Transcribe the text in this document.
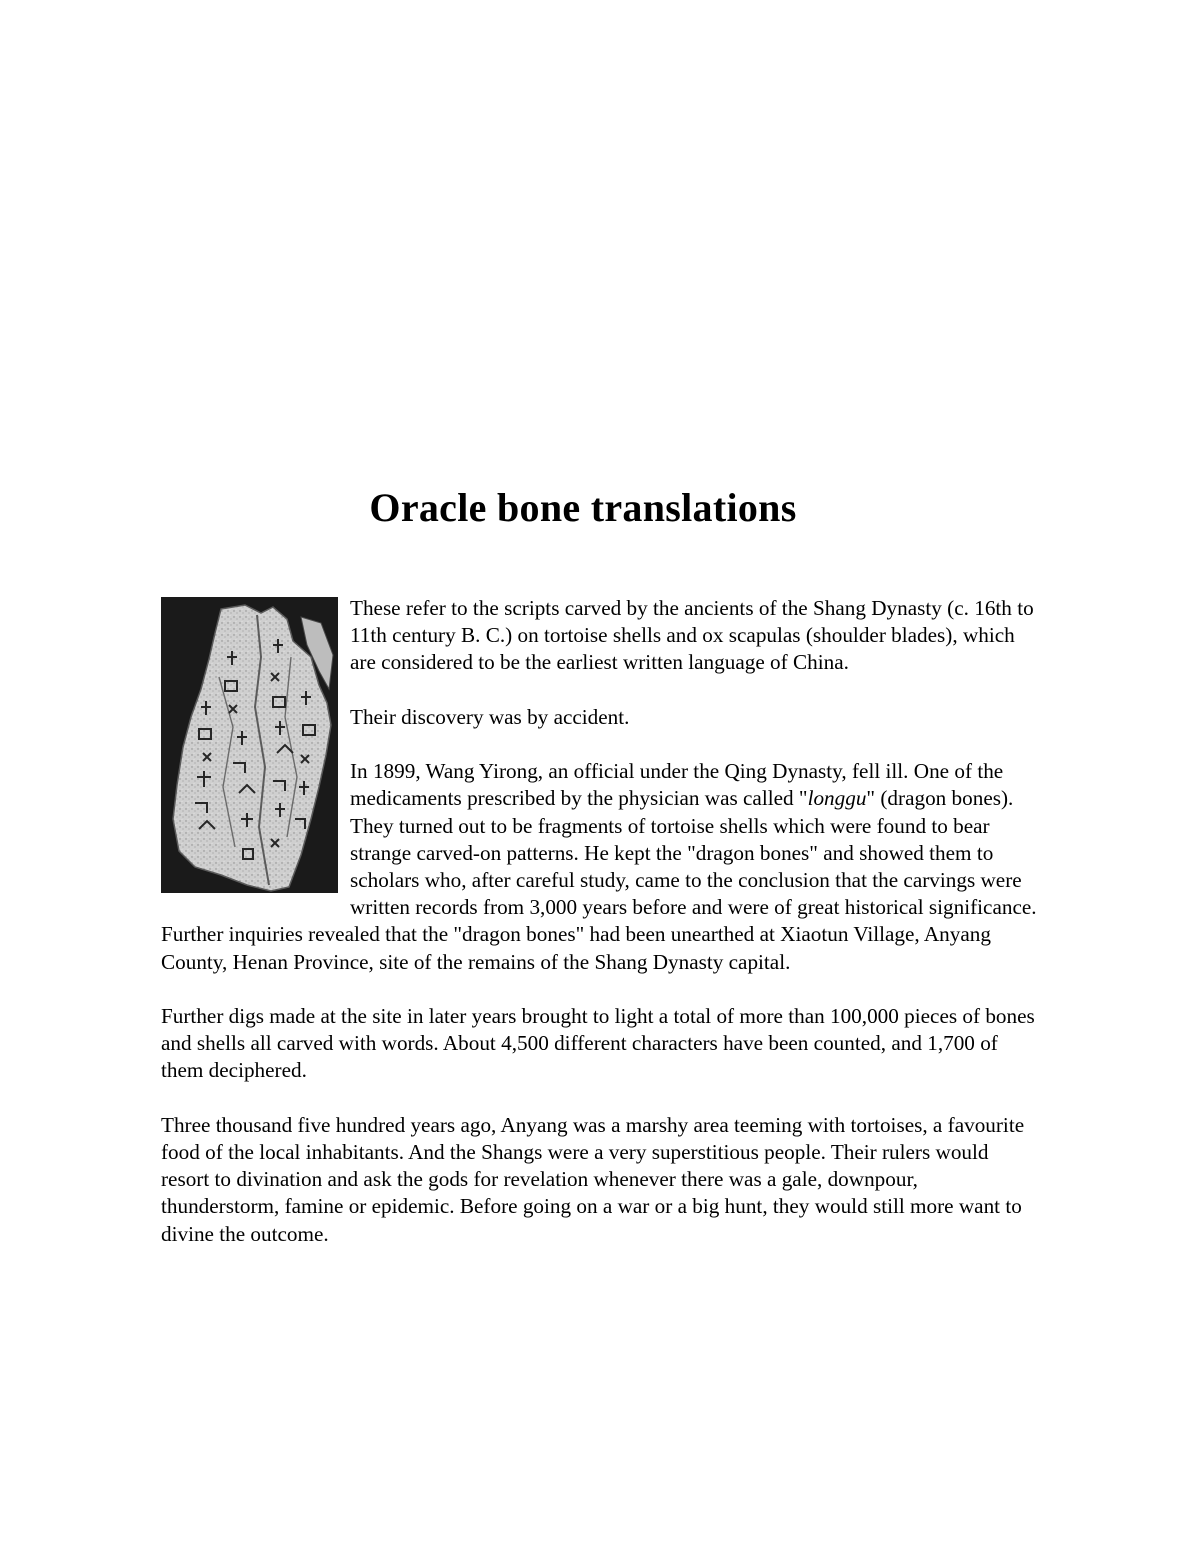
Oracle bone translations

These refer to the scripts carved by the ancients of the Shang Dynasty (c. 16th to 11th century B. C.) on tortoise shells and ox scapulas (shoulder blades), which are considered to be the earliest written language of China.

Their discovery was by accident.

In 1899, Wang Yirong, an official under the Qing Dynasty, fell ill. One of the medicaments prescribed by the physician was called "longgu" (dragon bones). They turned out to be fragments of tortoise shells which were found to bear strange carved-on patterns. He kept the "dragon bones" and showed them to scholars who, after careful study, came to the conclusion that the carvings were written records from 3,000 years before and were of great historical significance. Further inquiries revealed that the "dragon bones" had been unearthed at Xiaotun Village, Anyang County, Henan Province, site of the remains of the Shang Dynasty capital.

Further digs made at the site in later years brought to light a total of more than 100,000 pieces of bones and shells all carved with words. About 4,500 different characters have been counted, and 1,700 of them deciphered.

Three thousand five hundred years ago, Anyang was a marshy area teeming with tortoises, a favourite food of the local inhabitants. And the Shangs were a very superstitious people. Their rulers would resort to divination and ask the gods for revelation whenever there was a gale, downpour, thunderstorm, famine or epidemic. Before going on a war or a big hunt, they would still more want to divine the outcome.
